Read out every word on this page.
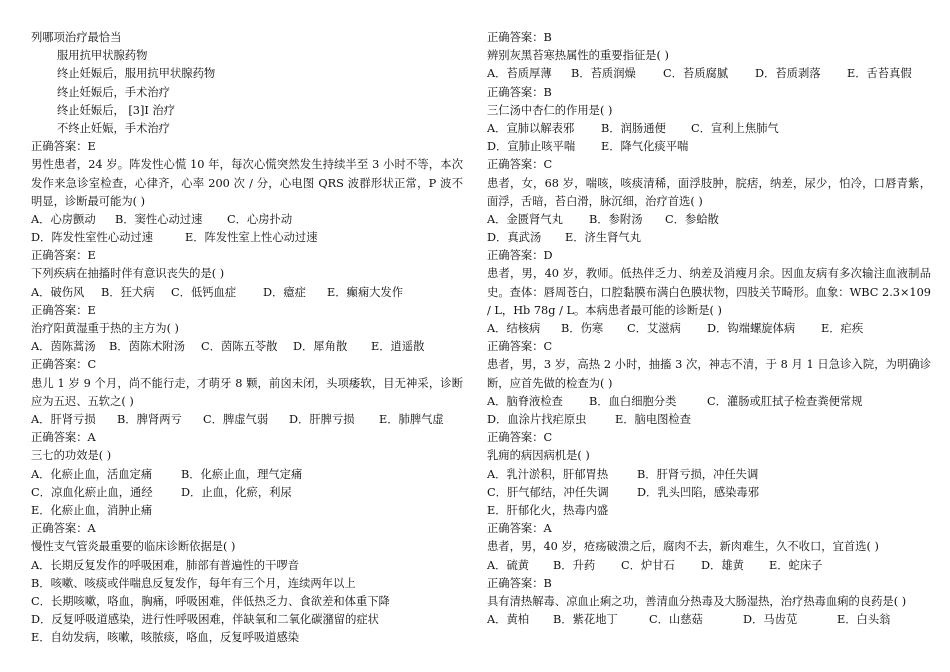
列哪项治疗最恰当
服用抗甲状腺药物
终止妊娠后，服用抗甲状腺药物
终止妊娠后，手术治疗
终止妊娠后， [3]I 治疗
不终止妊娠，手术治疗
正确答案：E
男性患者，24 岁。阵发性心慌 10 年，每次心慌突然发生持续半至 3 小时不等，本次发作来急诊室检查，心律齐，心率 200 次 / 分，心电图 QRS 波群形状正常，P 波不明显，诊断最可能为( )
A．心房颤动	B．窦性心动过速	C．心房扑动
D．阵发性室性心动过速	E．阵发性室上性心动过速
正确答案：E
下列疾病在抽搐时伴有意识丧失的是( )
A．破伤风	B．狂犬病	C．低钙血症	D．癔症	E．癫痫大发作
正确答案：E
治疗阳黄湿重于热的主方为( )
A．茵陈蒿汤	B．茵陈术附汤	C．茵陈五苓散	D．犀角散	E．逍遥散
正确答案：C
患儿 1 岁 9 个月，尚不能行走，才萌牙 8 颗，前囟未闭，头项痿软，目无神采，诊断应为五迟、五软之( )
A．肝肾亏损	B．脾肾两亏	C．脾虚气弱	D．肝脾亏损	E．肺脾气虚
正确答案：A
三七的功效是( )
A．化瘀止血，活血定痛	B．化瘀止血，理气定痛
C．凉血化瘀止血，通经	D．止血，化瘀，利尿
E．化瘀止血，消肿止痛
正确答案：A
慢性支气管炎最重要的临床诊断依据是( )
A．长期反复发作的呼吸困难，肺部有普遍性的干啰音
B．咳嗽、咳痰或伴喘息反复发作，每年有三个月，连续两年以上
C．长期咳嗽，咯血，胸痛，呼吸困难，伴低热乏力、食欲差和体重下降
D．反复呼吸道感染，进行性呼吸困难，伴缺氧和二氧化碳潴留的症状
E．自幼发病，咳嗽，咳脓痰，咯血，反复呼吸道感染
正确答案：B
辨别灰黑苔寒热属性的重要指征是( )
A．苔质厚薄	B．苔质润燥	C．苔质腐腻	D．苔质剥落	E．舌苔真假
正确答案：B
三仁汤中杏仁的作用是( )
A．宣肺以解表邪	B．润肠通便	C．宣利上焦肺气
D．宣肺止咳平喘	E．降气化痰平喘
正确答案：C
患者，女，68 岁，喘咳，咳痰清稀，面浮肢肿，脘痞，纳差，尿少，怕冷，口唇青紫，面浮，舌暗，苔白滑，脉沉细，治疗首选( )
A．金匮肾气丸	B．参附汤	C．参蛤散
D．真武汤	E．济生肾气丸
正确答案：D
患者，男，40 岁，教师。低热伴乏力、纳差及消瘦月余。因血友病有多次输注血液制品史。查体：唇周苍白，口腔黏膜布满白色膜状物，四肢关节畸形。血象：WBC 2.3×109 / L，Hb 78g / L。本病患者最可能的诊断是( )
A．结核病	B．伤寒	C．艾滋病	D．钩端螺旋体病	E．疟疾
正确答案：C
患者，男，3 岁，高热 2 小时，抽搐 3 次，神志不清，于 8 月 1 日急诊入院，为明确诊断，应首先做的检查为( )
A．脑脊液检查	B．血白细胞分类	C．灌肠或肛拭子检查粪便常规
D．血涂片找疟原虫	E．脑电图检查
正确答案：C
乳痈的病因病机是( )
A．乳汁淤积，肝郁胃热	B．肝肾亏损，冲任失调
C．肝气郁结，冲任失调	D．乳头凹陷，感染毒邪
E．肝郁化火，热毒内盛
正确答案：A
患者，男，40 岁，疮疡破溃之后，腐肉不去，新肉难生，久不收口，宜首选( )
A．硫黄	B．升药	C．炉甘石	D．雄黄	E．蛇床子
正确答案：B
具有清热解毒、凉血止痢之功，善清血分热毒及大肠湿热，治疗热毒血痢的良药是( )
A．黄柏	B．紫花地丁	C．山慈菇	D．马齿苋	E．白头翁
